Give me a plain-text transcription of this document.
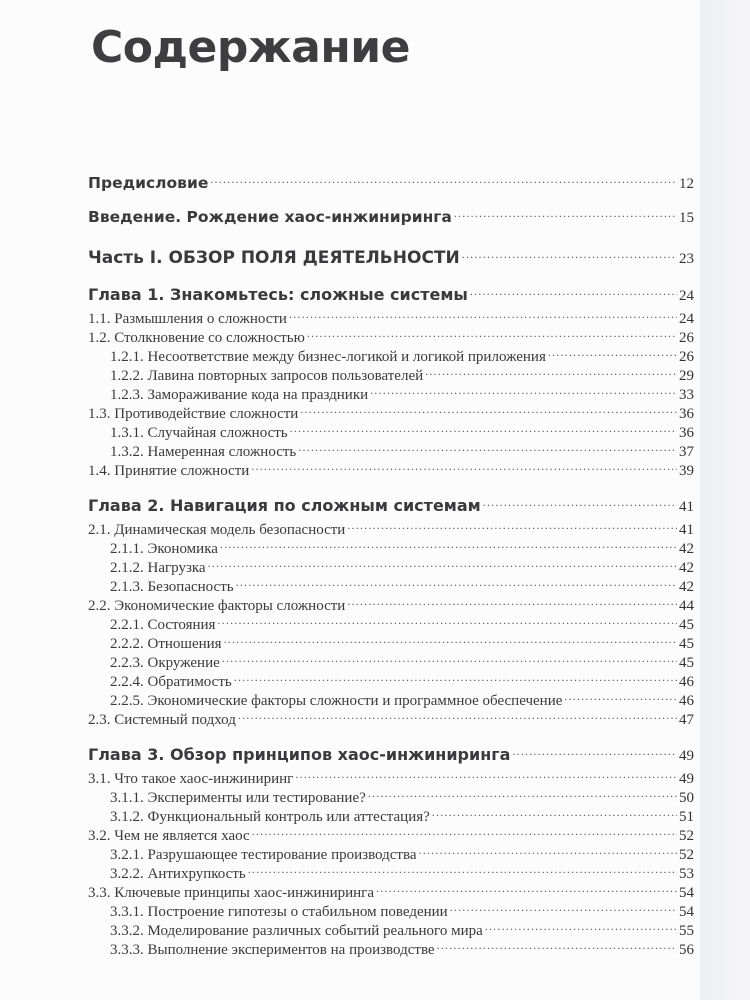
Содержание
Предисловие .....	12
Введение. Рождение хаос-инжиниринга .....	15
Часть I. ОБЗОР ПОЛЯ ДЕЯТЕЛЬНОСТИ .....	23
Глава 1. Знакомьтесь: сложные системы .....	24
1.1. Размышления о сложности .....	24
1.2. Столкновение со сложностью .....	26
1.2.1. Несоответствие между бизнес-логикой и логикой приложения .....	26
1.2.2. Лавина повторных запросов пользователей .....	29
1.2.3. Замораживание кода на праздники .....	33
1.3. Противодействие сложности .....	36
1.3.1. Случайная сложность .....	36
1.3.2. Намеренная сложность .....	37
1.4. Принятие сложности .....	39
Глава 2. Навигация по сложным системам .....	41
2.1. Динамическая модель безопасности .....	41
2.1.1. Экономика .....	42
2.1.2. Нагрузка .....	42
2.1.3. Безопасность .....	42
2.2. Экономические факторы сложности .....	44
2.2.1. Состояния .....	45
2.2.2. Отношения .....	45
2.2.3. Окружение .....	45
2.2.4. Обратимость .....	46
2.2.5. Экономические факторы сложности и программное обеспечение .....	46
2.3. Системный подход .....	47
Глава 3. Обзор принципов хаос-инжиниринга .....	49
3.1. Что такое хаос-инжиниринг .....	49
3.1.1. Эксперименты или тестирование? .....	50
3.1.2. Функциональный контроль или аттестация? .....	51
3.2. Чем не является хаос .....	52
3.2.1. Разрушающее тестирование производства .....	52
3.2.2. Антихрупкость .....	53
3.3. Ключевые принципы хаос-инжиниринга .....	54
3.3.1. Построение гипотезы о стабильном поведении .....	54
3.3.2. Моделирование различных событий реального мира .....	55
3.3.3. Выполнение экспериментов на производстве .....	56
